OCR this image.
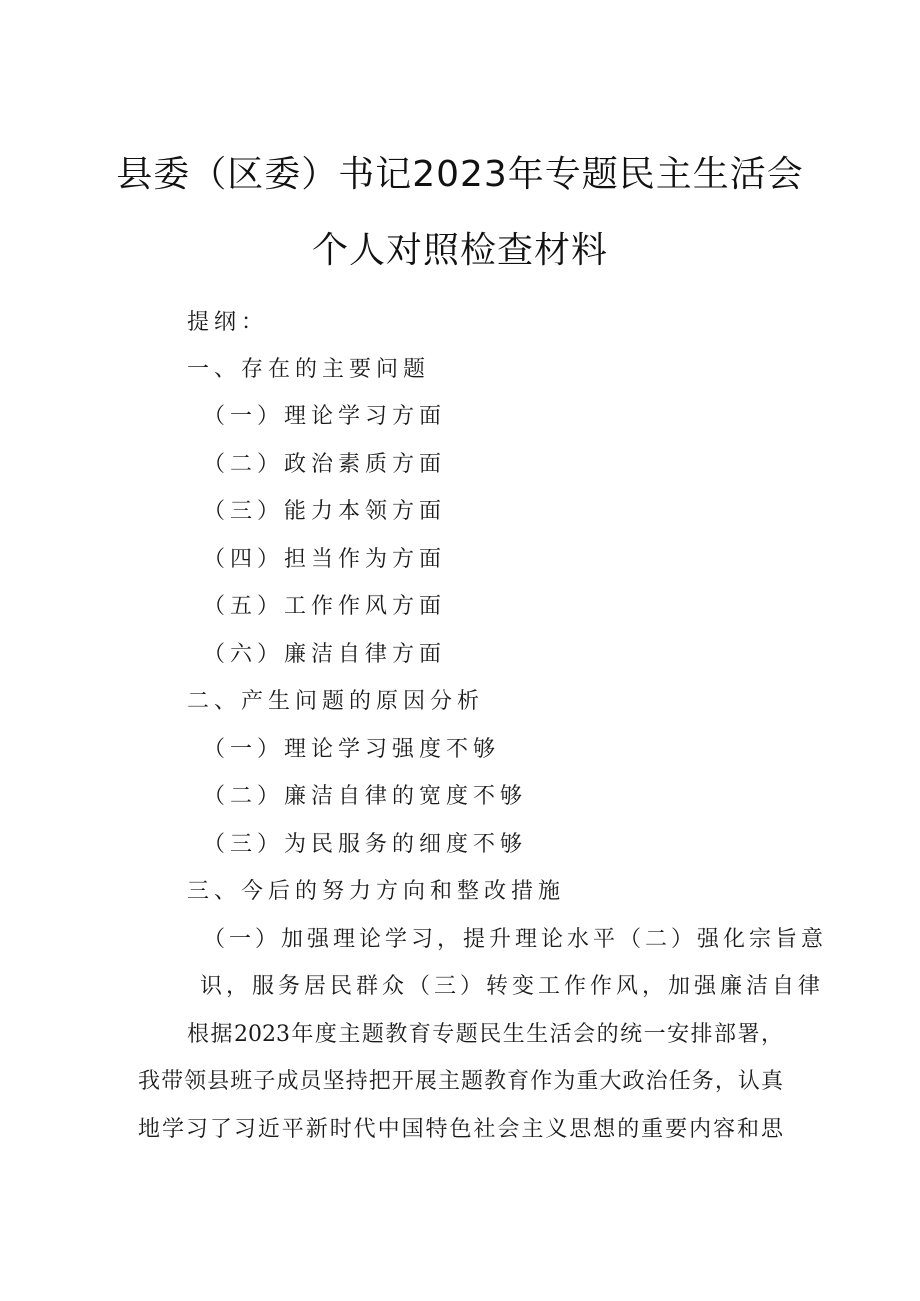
县委（区委）书记2023年专题民主生活会
个人对照检查材料
提纲：
一、存在的主要问题
（一）理论学习方面
（二）政治素质方面
（三）能力本领方面
（四）担当作为方面
（五）工作作风方面
（六）廉洁自律方面
二、产生问题的原因分析
（一）理论学习强度不够
（二）廉洁自律的宽度不够
（三）为民服务的细度不够
三、今后的努力方向和整改措施
（一）加强理论学习，提升理论水平（二）强化宗旨意
识，服务居民群众（三）转变工作作风，加强廉洁自律
根据2023年度主题教育专题民生生活会的统一安排部署，
我带领县班子成员坚持把开展主题教育作为重大政治任务，认真
地学习了习近平新时代中国特色社会主义思想的重要内容和思
